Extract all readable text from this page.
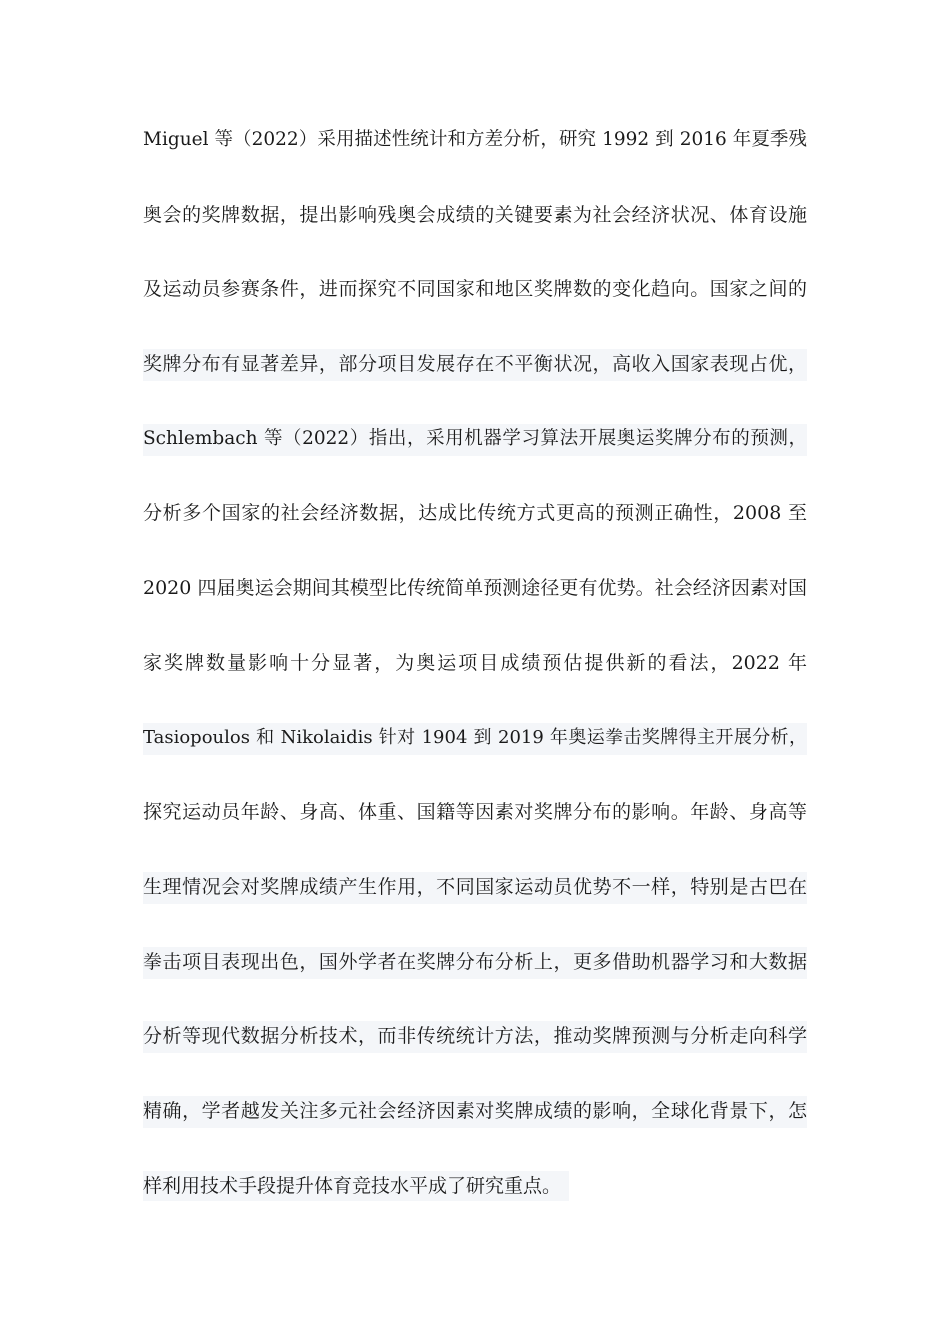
Miguel 等（2022）采用描述性统计和方差分析，研究 1992 到 2016 年夏季残
奥会的奖牌数据，提出影响残奥会成绩的关键要素为社会经济状况、体育设施
及运动员参赛条件，进而探究不同国家和地区奖牌数的变化趋向。国家之间的
奖牌分布有显著差异，部分项目发展存在不平衡状况，高收入国家表现占优，
Schlembach 等（2022）指出，采用机器学习算法开展奥运奖牌分布的预测，
分析多个国家的社会经济数据，达成比传统方式更高的预测正确性，2008 至
2020 四届奥运会期间其模型比传统简单预测途径更有优势。社会经济因素对国
家奖牌数量影响十分显著，为奥运项目成绩预估提供新的看法，2022 年
Tasiopoulos 和 Nikolaidis 针对 1904 到 2019 年奥运拳击奖牌得主开展分析，
探究运动员年龄、身高、体重、国籍等因素对奖牌分布的影响。年龄、身高等
生理情况会对奖牌成绩产生作用，不同国家运动员优势不一样，特别是古巴在
拳击项目表现出色，国外学者在奖牌分布分析上，更多借助机器学习和大数据
分析等现代数据分析技术，而非传统统计方法，推动奖牌预测与分析走向科学
精确，学者越发关注多元社会经济因素对奖牌成绩的影响，全球化背景下，怎
样利用技术手段提升体育竞技水平成了研究重点。
